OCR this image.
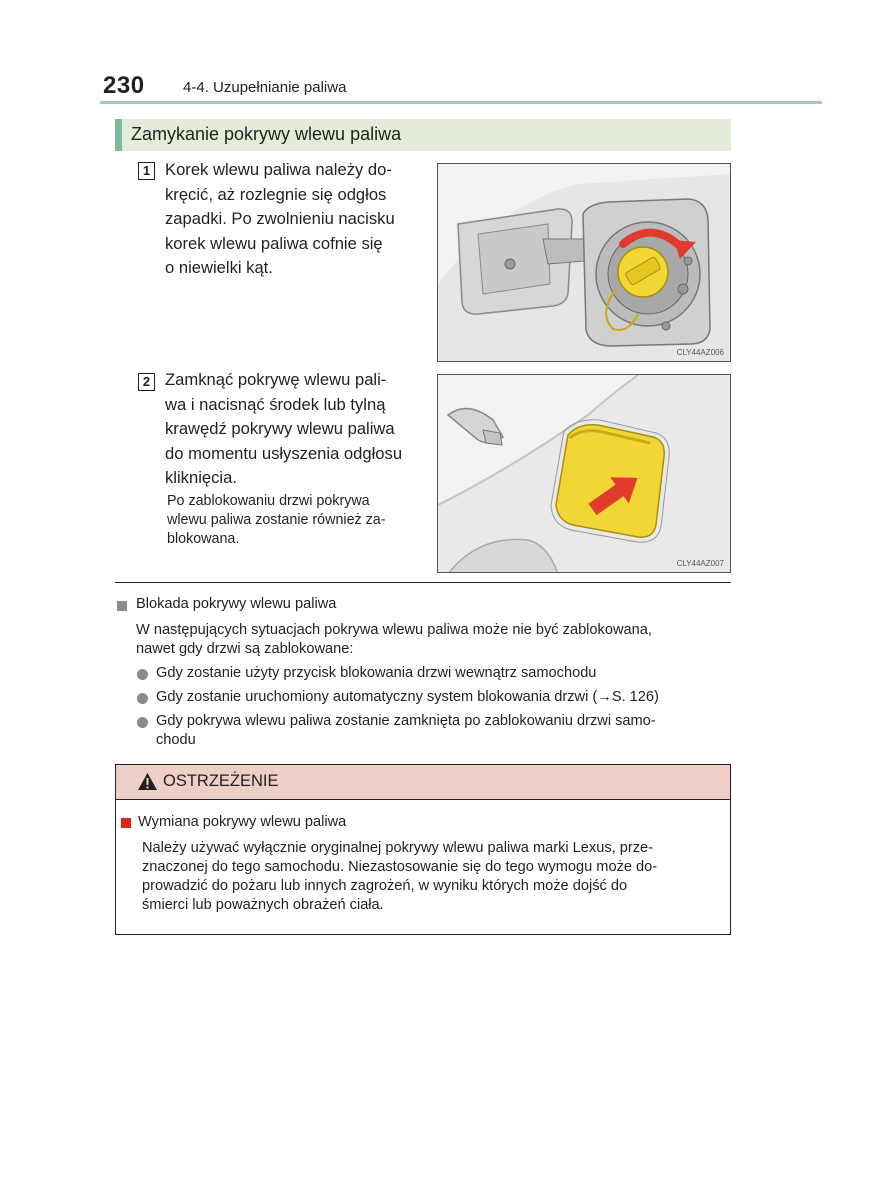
230	4-4. Uzupełnianie paliwa
Zamykanie pokrywy wlewu paliwa
1 Korek wlewu paliwa należy do-
kręcić, aż rozlegnie się odgłos
zapadki. Po zwolnieniu nacisku
korek wlewu paliwa cofnie się
o niewielki kąt.
CLY44AZ006
2 Zamknąć pokrywę wlewu pali-
wa i nacisnąć środek lub tylną
krawędź pokrywy wlewu paliwa
do momentu usłyszenia odgłosu
kliknięcia.
Po zablokowaniu drzwi pokrywa
wlewu paliwa zostanie również za-
blokowana.
CLY44AZ007
Blokada pokrywy wlewu paliwa
W następujących sytuacjach pokrywa wlewu paliwa może nie być zablokowana,
nawet gdy drzwi są zablokowane:
Gdy zostanie użyty przycisk blokowania drzwi wewnątrz samochodu
Gdy zostanie uruchomiony automatyczny system blokowania drzwi (→S. 126)
Gdy pokrywa wlewu paliwa zostanie zamknięta po zablokowaniu drzwi samo-
chodu
OSTRZEŻENIE
Wymiana pokrywy wlewu paliwa
Należy używać wyłącznie oryginalnej pokrywy wlewu paliwa marki Lexus, prze-
znaczonej do tego samochodu. Niezastosowanie się do tego wymogu może do-
prowadzić do pożaru lub innych zagrożeń, w wyniku których może dojść do
śmierci lub poważnych obrażeń ciała.
